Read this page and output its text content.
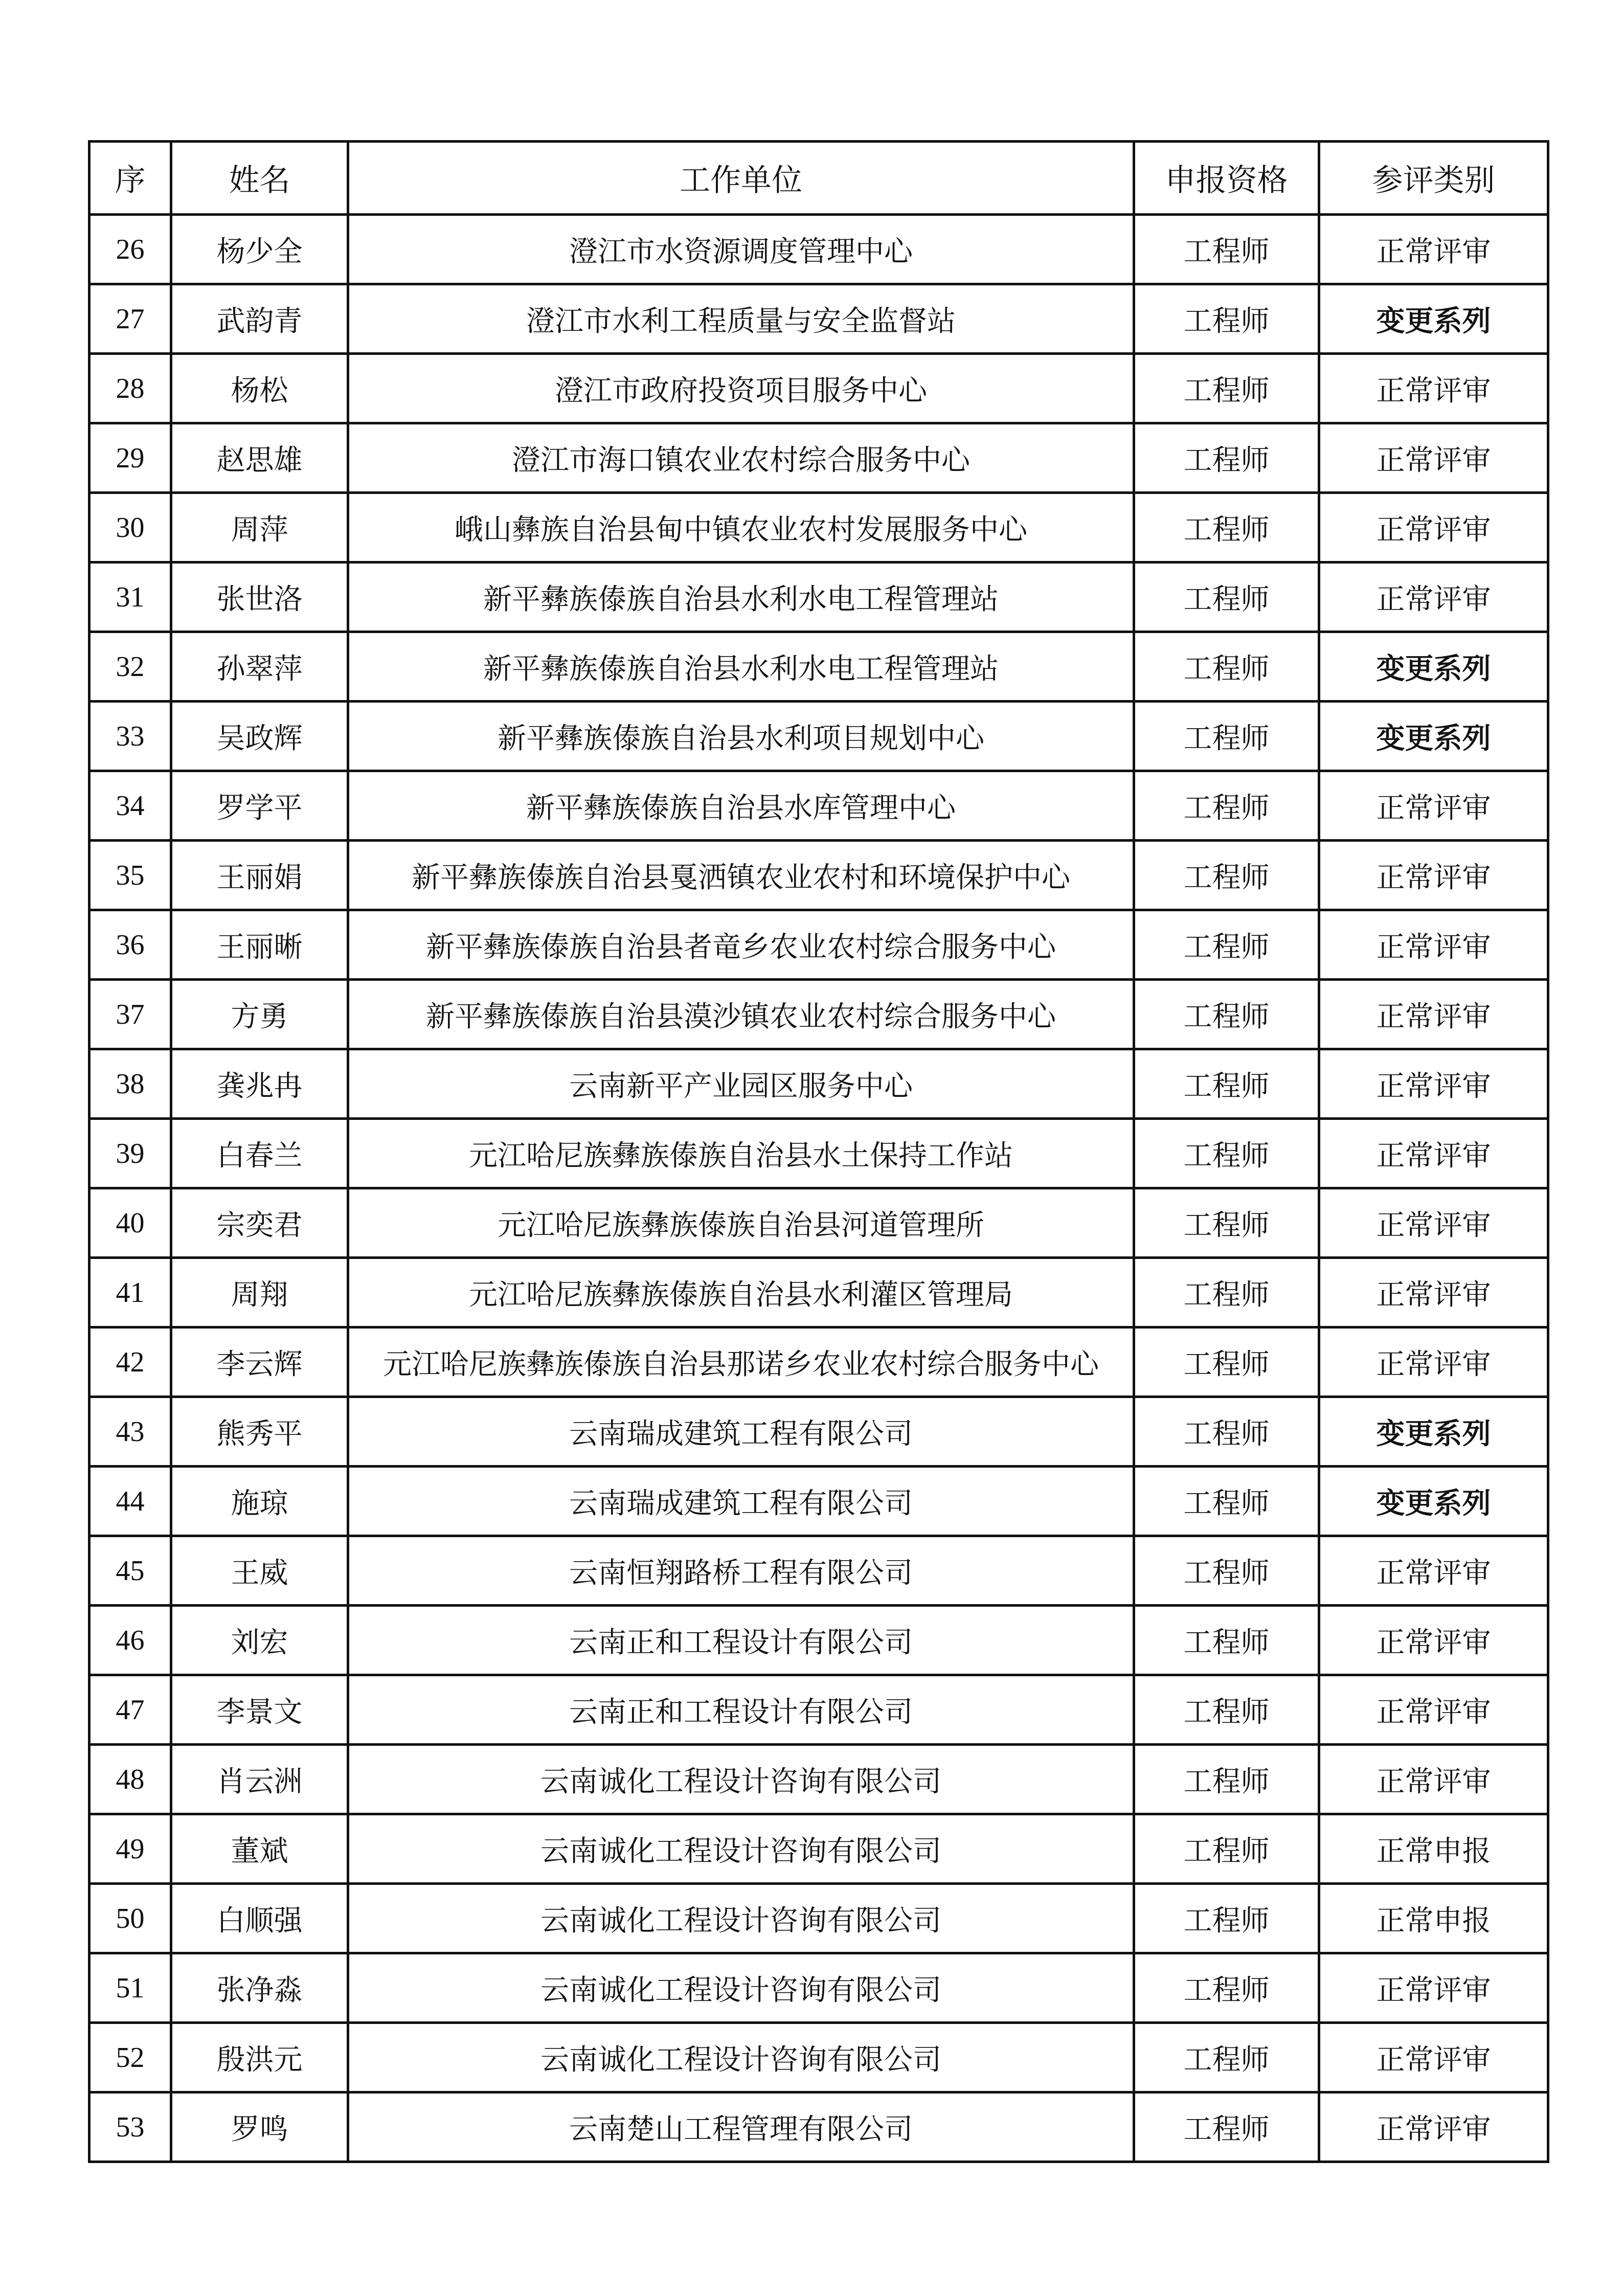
序	姓名	工作单位	申报资格	参评类别
26	杨少全	澄江市水资源调度管理中心	工程师	正常评审
27	武韵青	澄江市水利工程质量与安全监督站	工程师	变更系列
28	杨松	澄江市政府投资项目服务中心	工程师	正常评审
29	赵思雄	澄江市海口镇农业农村综合服务中心	工程师	正常评审
30	周萍	峨山彝族自治县甸中镇农业农村发展服务中心	工程师	正常评审
31	张世洛	新平彝族傣族自治县水利水电工程管理站	工程师	正常评审
32	孙翠萍	新平彝族傣族自治县水利水电工程管理站	工程师	变更系列
33	吴政辉	新平彝族傣族自治县水利项目规划中心	工程师	变更系列
34	罗学平	新平彝族傣族自治县水库管理中心	工程师	正常评审
35	王丽娟	新平彝族傣族自治县戛洒镇农业农村和环境保护中心	工程师	正常评审
36	王丽晰	新平彝族傣族自治县者竜乡农业农村综合服务中心	工程师	正常评审
37	方勇	新平彝族傣族自治县漠沙镇农业农村综合服务中心	工程师	正常评审
38	龚兆冉	云南新平产业园区服务中心	工程师	正常评审
39	白春兰	元江哈尼族彝族傣族自治县水土保持工作站	工程师	正常评审
40	宗奕君	元江哈尼族彝族傣族自治县河道管理所	工程师	正常评审
41	周翔	元江哈尼族彝族傣族自治县水利灌区管理局	工程师	正常评审
42	李云辉	元江哈尼族彝族傣族自治县那诺乡农业农村综合服务中心	工程师	正常评审
43	熊秀平	云南瑞成建筑工程有限公司	工程师	变更系列
44	施琼	云南瑞成建筑工程有限公司	工程师	变更系列
45	王威	云南恒翔路桥工程有限公司	工程师	正常评审
46	刘宏	云南正和工程设计有限公司	工程师	正常评审
47	李景文	云南正和工程设计有限公司	工程师	正常评审
48	肖云洲	云南诚化工程设计咨询有限公司	工程师	正常评审
49	董斌	云南诚化工程设计咨询有限公司	工程师	正常申报
50	白顺强	云南诚化工程设计咨询有限公司	工程师	正常申报
51	张净淼	云南诚化工程设计咨询有限公司	工程师	正常评审
52	殷洪元	云南诚化工程设计咨询有限公司	工程师	正常评审
53	罗鸣	云南楚山工程管理有限公司	工程师	正常评审
